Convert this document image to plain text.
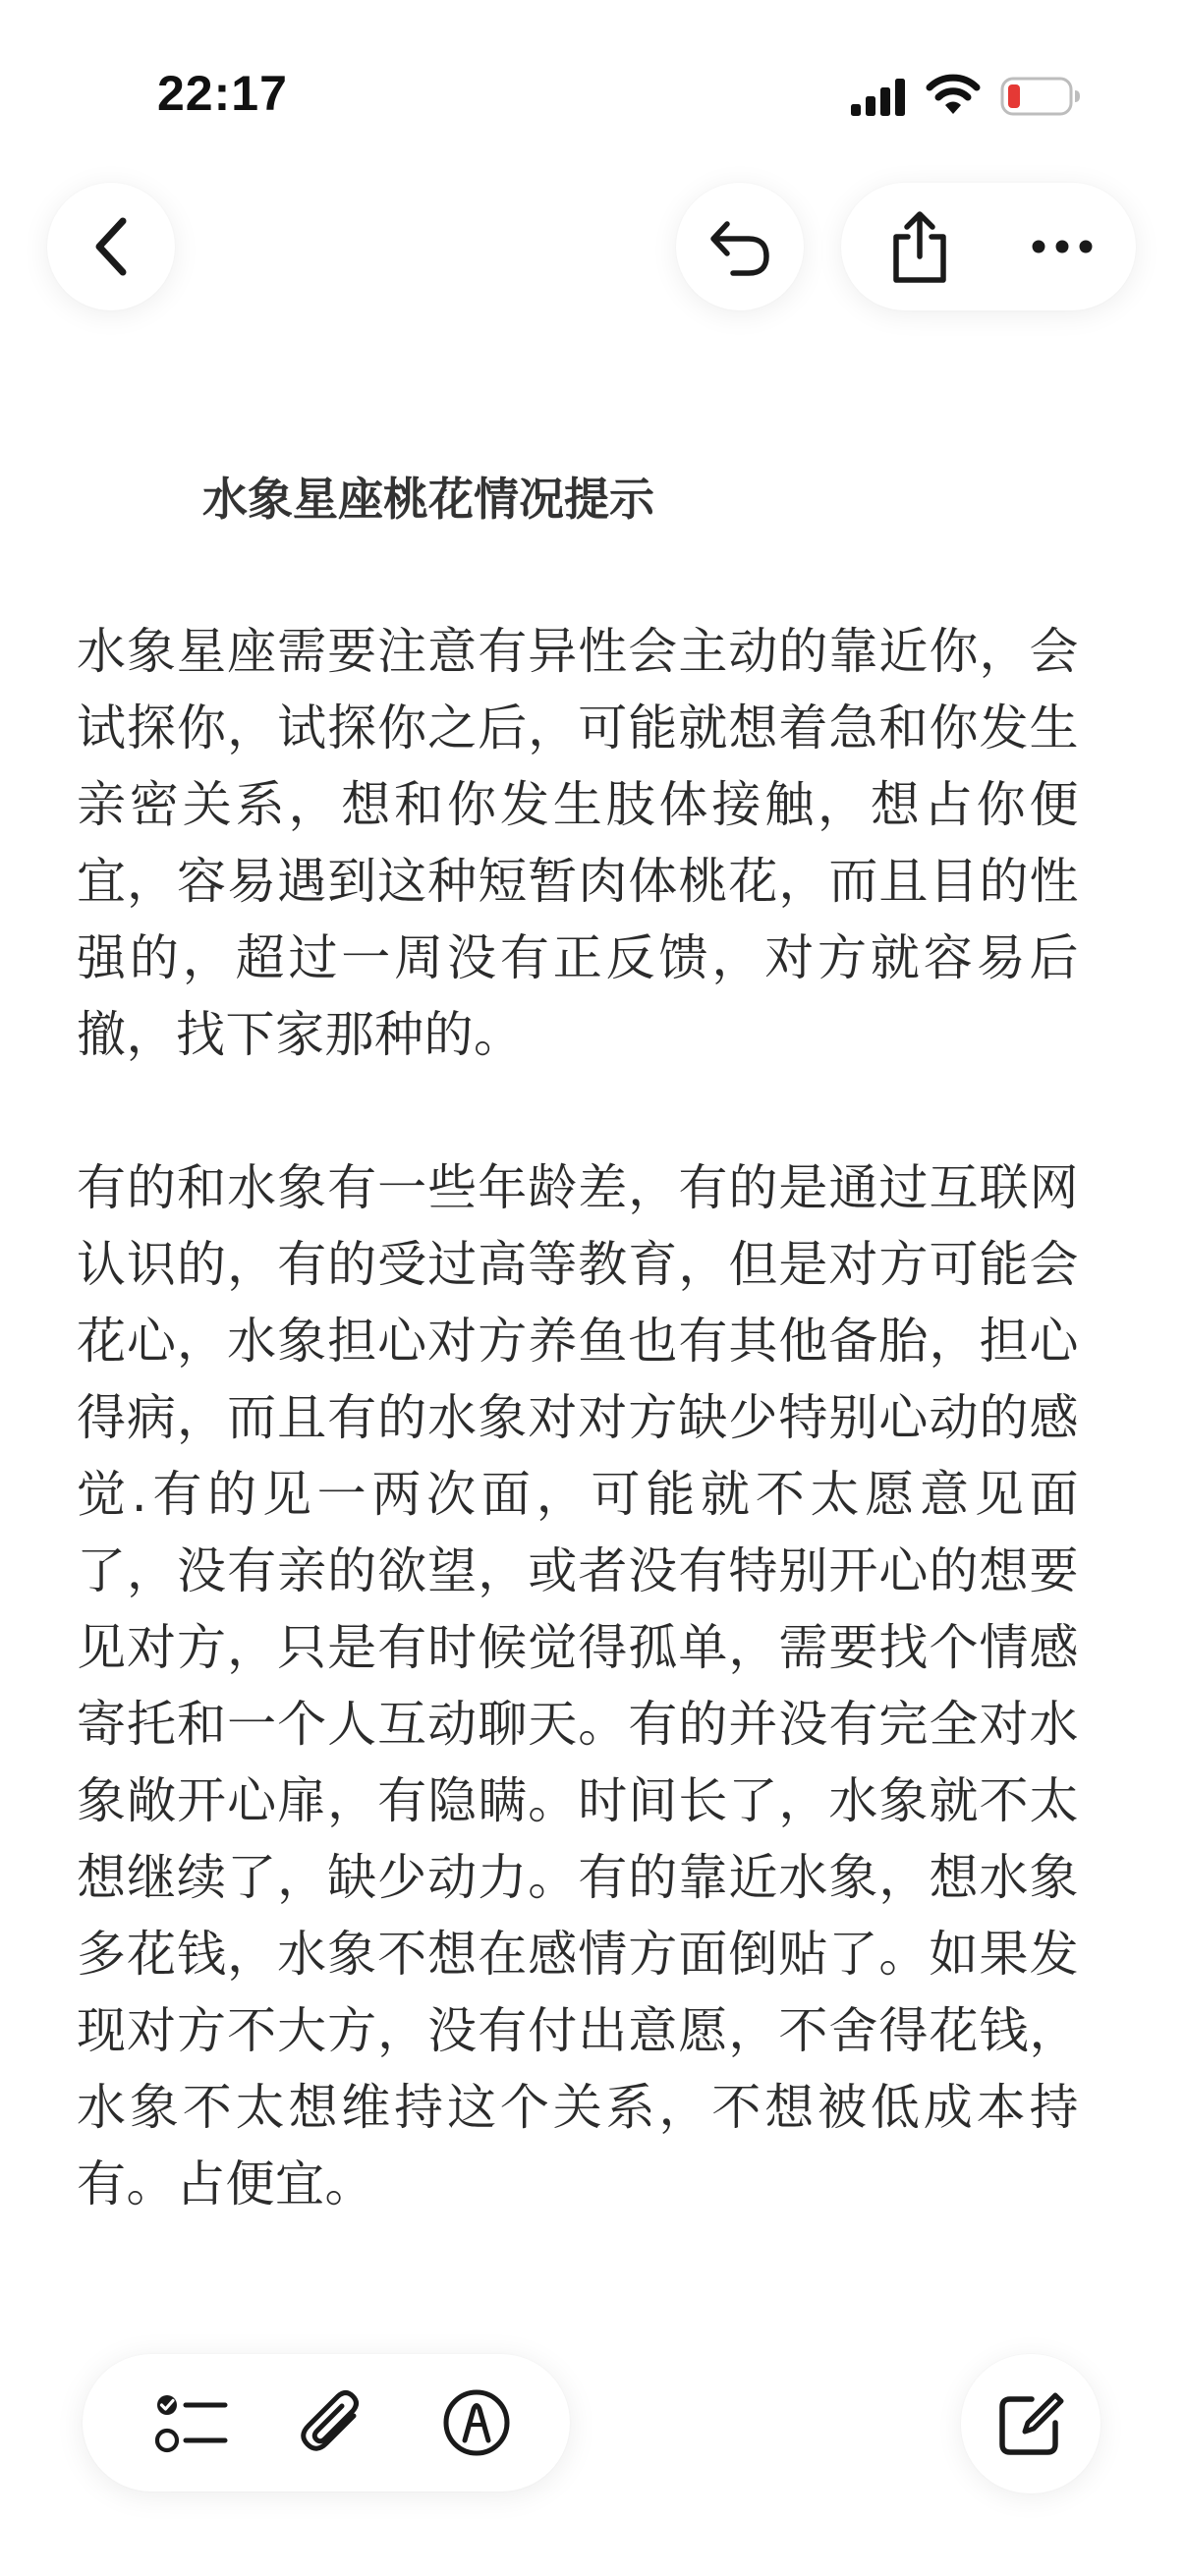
22:17
水象星座桃花情况提示

水象星座需要注意有异性会主动的靠近你，会试探你，试探你之后，可能就想着急和你发生亲密关系，想和你发生肢体接触，想占你便宜，容易遇到这种短暂肉体桃花，而且目的性强的，超过一周没有正反馈，对方就容易后撤，找下家那种的。

有的和水象有一些年龄差，有的是通过互联网认识的，有的受过高等教育，但是对方可能会花心，水象担心对方养鱼也有其他备胎，担心得病，而且有的水象对对方缺少特别心动的感觉.有的见一两次面，可能就不太愿意见面了，没有亲的欲望，或者没有特别开心的想要见对方，只是有时候觉得孤单，需要找个情感寄托和一个人互动聊天。有的并没有完全对水象敞开心扉，有隐瞒。时间长了，水象就不太想继续了，缺少动力。有的靠近水象，想水象多花钱，水象不想在感情方面倒贴了。如果发现对方不大方，没有付出意愿，不舍得花钱，水象不太想维持这个关系，不想被低成本持有。占便宜。
